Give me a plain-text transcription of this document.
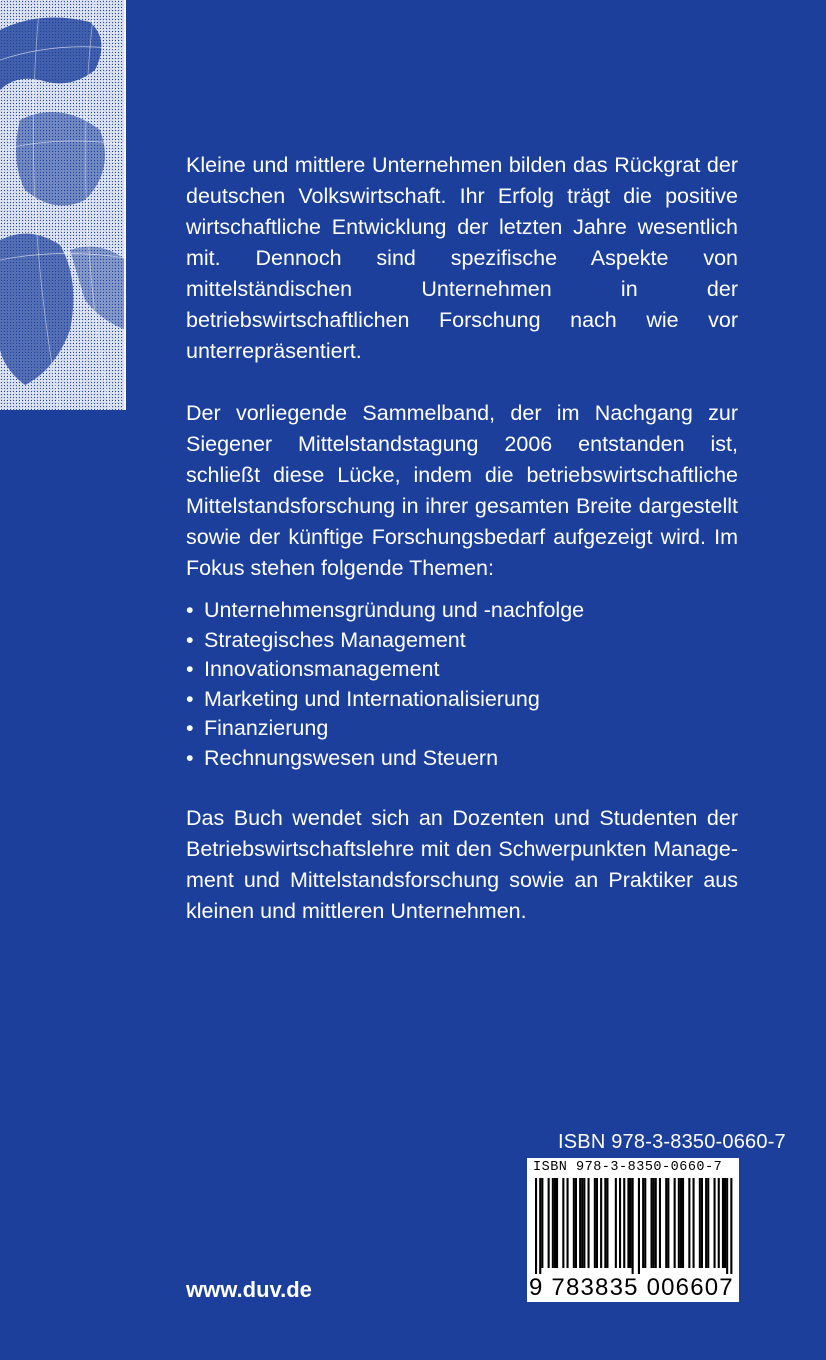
Kleine und mittlere Unternehmen bilden das Rückgrat der deutschen Volkswirtschaft. Ihr Erfolg trägt die positive wirtschaftliche Entwicklung der letzten Jahre wesentlich mit. Dennoch sind spezifische Aspekte von mittelständischen Unternehmen in der betriebswirtschaftlichen Forschung nach wie vor unterrepräsentiert.

Der vorliegende Sammelband, der im Nachgang zur Siegener Mittelstandstagung 2006 entstanden ist, schließt diese Lücke, indem die betriebswirtschaftliche Mittelstandsforschung in ihrer gesamten Breite dargestellt sowie der künftige Forschungsbedarf aufgezeigt wird. Im Fokus stehen folgende Themen:

• Unternehmensgründung und -nachfolge
• Strategisches Management
• Innovationsmanagement
• Marketing und Internationalisierung
• Finanzierung
• Rechnungswesen und Steuern

Das Buch wendet sich an Dozenten und Studenten der Betriebswirtschaftslehre mit den Schwerpunkten Management und Mittelstandsforschung sowie an Praktiker aus kleinen und mittleren Unternehmen.

ISBN 978-3-8350-0660-7
ISBN 978-3-8350-0660-7
9 783835 006607
www.duv.de
